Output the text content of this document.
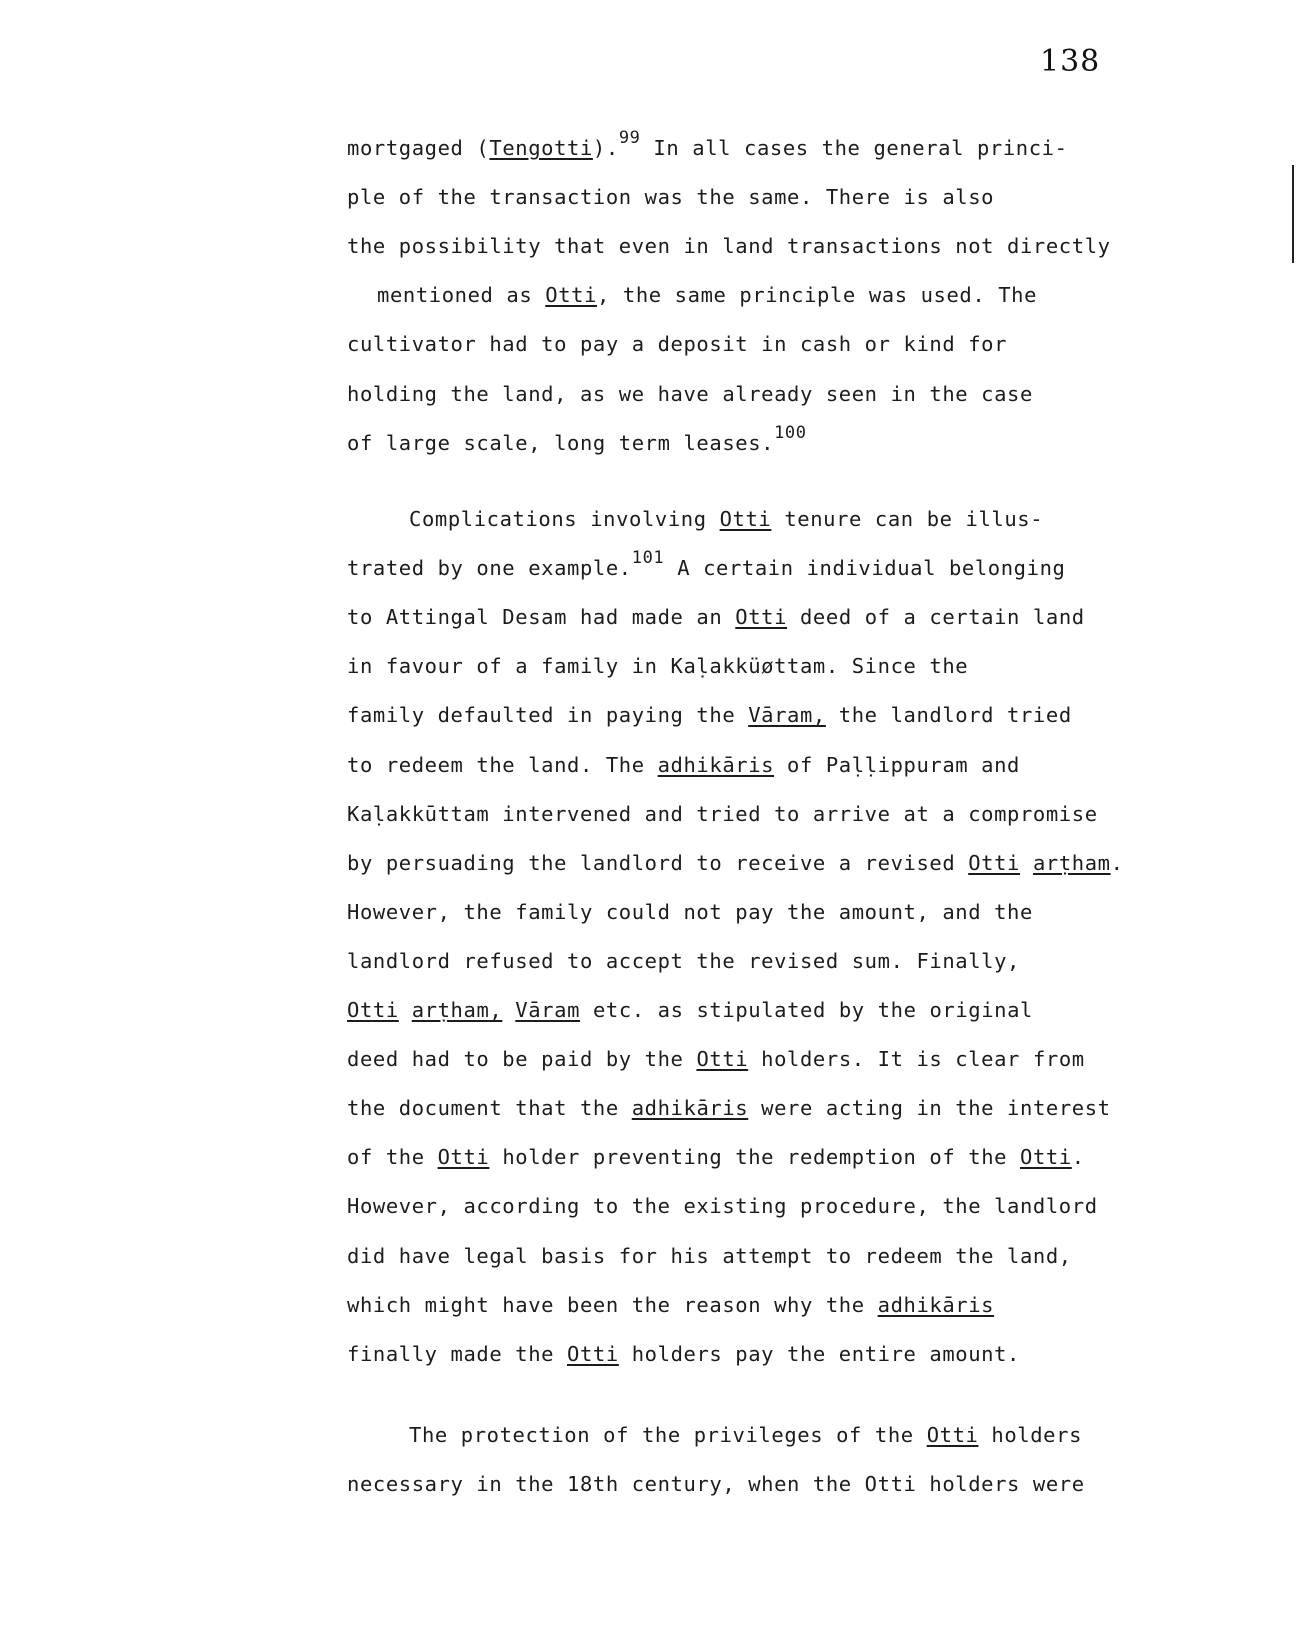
138
mortgaged (Tengotti).$^{99}$ In all cases the general princi-
ple of the transaction was the same. There is also
the possibility that even in land transactions not directly
mentioned as Otti, the same principle was used. The
cultivator had to pay a deposit in cash or kind for
holding the land, as we have already seen in the case
of large scale, long term leases.$^{100}$
Complications involving Otti tenure can be illus-
trated by one example.$^{101}$ A certain individual belonging
to Attingal Desam had made an Otti deed of a certain land
in favour of a family in Kaḷakküøttam. Since the
family defaulted in paying the Vāram, the landlord tried
to redeem the land. The adhikāris of Paḷḷippuram and
Kaḷakkūttam intervened and tried to arrive at a compromise
by persuading the landlord to receive a revised Otti arṭham.
However, the family could not pay the amount, and the
landlord refused to accept the revised sum. Finally,
Otti arṭham, Vāram etc. as stipulated by the original
deed had to be paid by the Otti holders. It is clear from
the document that the adhikāris were acting in the interest
of the Otti holder preventing the redemption of the Otti.
However, according to the existing procedure, the landlord
did have legal basis for his attempt to redeem the land,
which might have been the reason why the adhikāris
finally made the Otti holders pay the entire amount.
The protection of the privileges of the Otti holders
necessary in the 18th century, when the Otti holders were
